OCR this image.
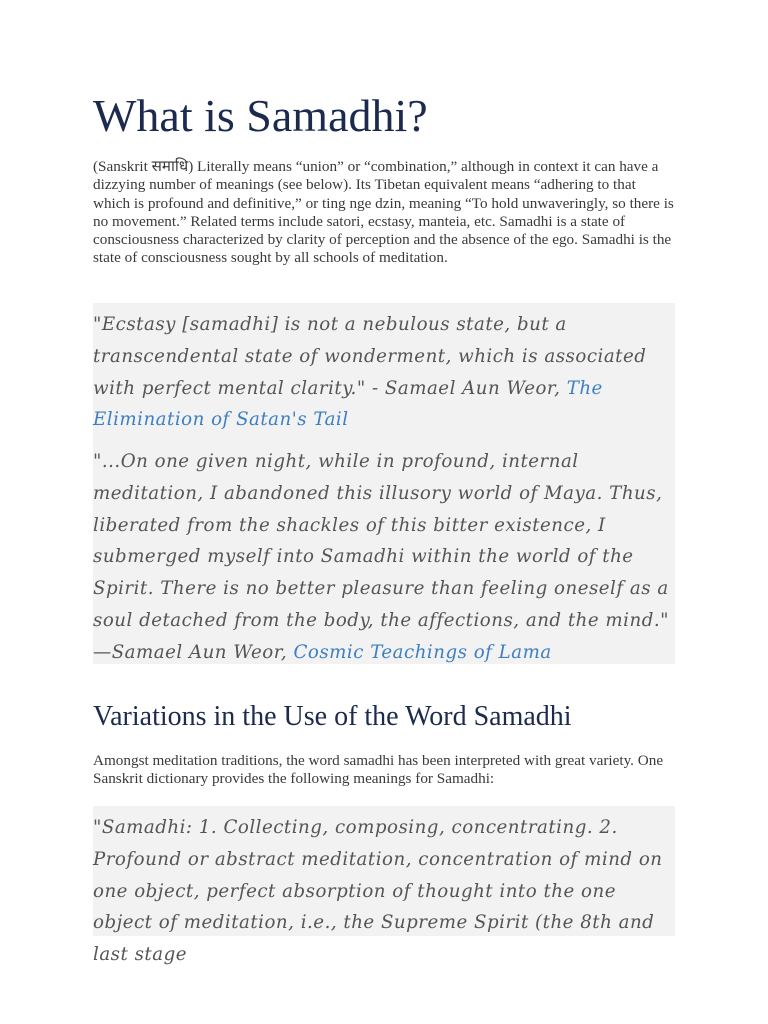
What is Samadhi?

(Sanskrit समाधि) Literally means “union” or “combination,” although in context it can have a dizzying number of meanings (see below). Its Tibetan equivalent means “adhering to that which is profound and definitive,” or ting nge dzin, meaning “To hold unwaveringly, so there is no movement.” Related terms include satori, ecstasy, manteia, etc. Samadhi is a state of consciousness characterized by clarity of perception and the absence of the ego. Samadhi is the state of consciousness sought by all schools of meditation.

"Ecstasy [samadhi] is not a nebulous state, but a transcendental state of wonderment, which is associated with perfect mental clarity." - Samael Aun Weor, The Elimination of Satan's Tail

"...On one given night, while in profound, internal meditation, I abandoned this illusory world of Maya. Thus, liberated from the shackles of this bitter existence, I submerged myself into Samadhi within the world of the Spirit. There is no better pleasure than feeling oneself as a soul detached from the body, the affections, and the mind." —Samael Aun Weor, Cosmic Teachings of Lama

Variations in the Use of the Word Samadhi

Amongst meditation traditions, the word samadhi has been interpreted with great variety. One Sanskrit dictionary provides the following meanings for Samadhi:

"Samadhi: 1. Collecting, composing, concentrating. 2. Profound or abstract meditation, concentration of mind on one object, perfect absorption of thought into the one object of meditation, i.e., the Supreme Spirit (the 8th and last stage
